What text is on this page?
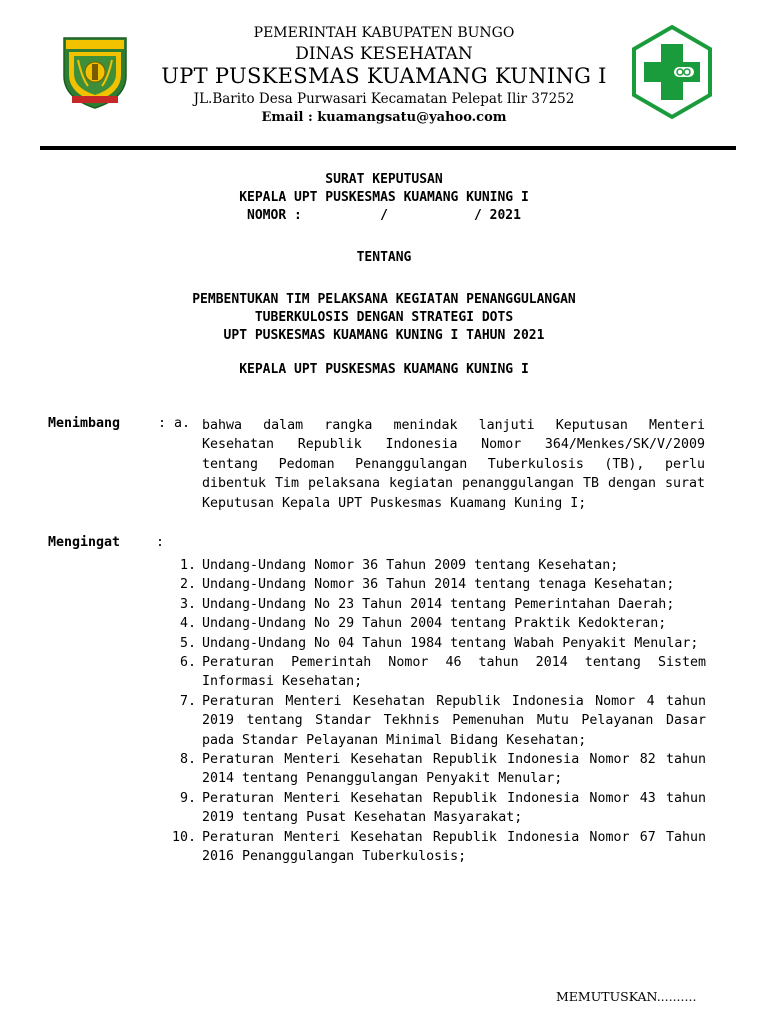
PEMERINTAH KABUPATEN BUNGO
DINAS KESEHATAN
UPT PUSKESMAS KUAMANG KUNING I
JL.Barito Desa Purwasari Kecamatan Pelepat Ilir 37252
Email : kuamangsatu@yahoo.com
SURAT KEPUTUSAN
KEPALA UPT PUSKESMAS KUAMANG KUNING I
NOMOR :          /           / 2021
TENTANG
PEMBENTUKAN TIM PELAKSANA KEGIATAN PENANGGULANGAN
TUBERKULOSIS DENGAN STRATEGI DOTS
UPT PUSKESMAS KUAMANG KUNING I TAHUN 2021
KEPALA UPT PUSKESMAS KUAMANG KUNING I
Menimbang	: a. bahwa dalam rangka menindak lanjuti Keputusan Menteri Kesehatan Republik Indonesia Nomor 364/Menkes/SK/V/2009 tentang Pedoman Penanggulangan Tuberkulosis (TB), perlu dibentuk Tim pelaksana kegiatan penanggulangan TB dengan surat Keputusan Kepala UPT Puskesmas Kuamang Kuning I;
Mengingat	:
1. Undang-Undang Nomor 36 Tahun 2009 tentang Kesehatan;
2. Undang-Undang Nomor 36 Tahun 2014 tentang tenaga Kesehatan;
3. Undang-Undang No 23 Tahun 2014 tentang Pemerintahan Daerah;
4. Undang-Undang No 29 Tahun 2004 tentang Praktik Kedokteran;
5. Undang-Undang No 04 Tahun 1984 tentang Wabah Penyakit Menular;
6. Peraturan Pemerintah Nomor 46 tahun 2014 tentang Sistem Informasi Kesehatan;
7. Peraturan Menteri Kesehatan Republik Indonesia Nomor 4 tahun 2019 tentang Standar Tekhnis Pemenuhan Mutu Pelayanan Dasar pada Standar Pelayanan Minimal Bidang Kesehatan;
8. Peraturan Menteri Kesehatan Republik Indonesia Nomor 82 tahun 2014 tentang Penanggulangan Penyakit Menular;
9. Peraturan Menteri Kesehatan Republik Indonesia Nomor 43 tahun 2019 tentang Pusat Kesehatan Masyarakat;
10. Peraturan Menteri Kesehatan Republik Indonesia Nomor 67 Tahun 2016 Penanggulangan Tuberkulosis;
MEMUTUSKAN..........
